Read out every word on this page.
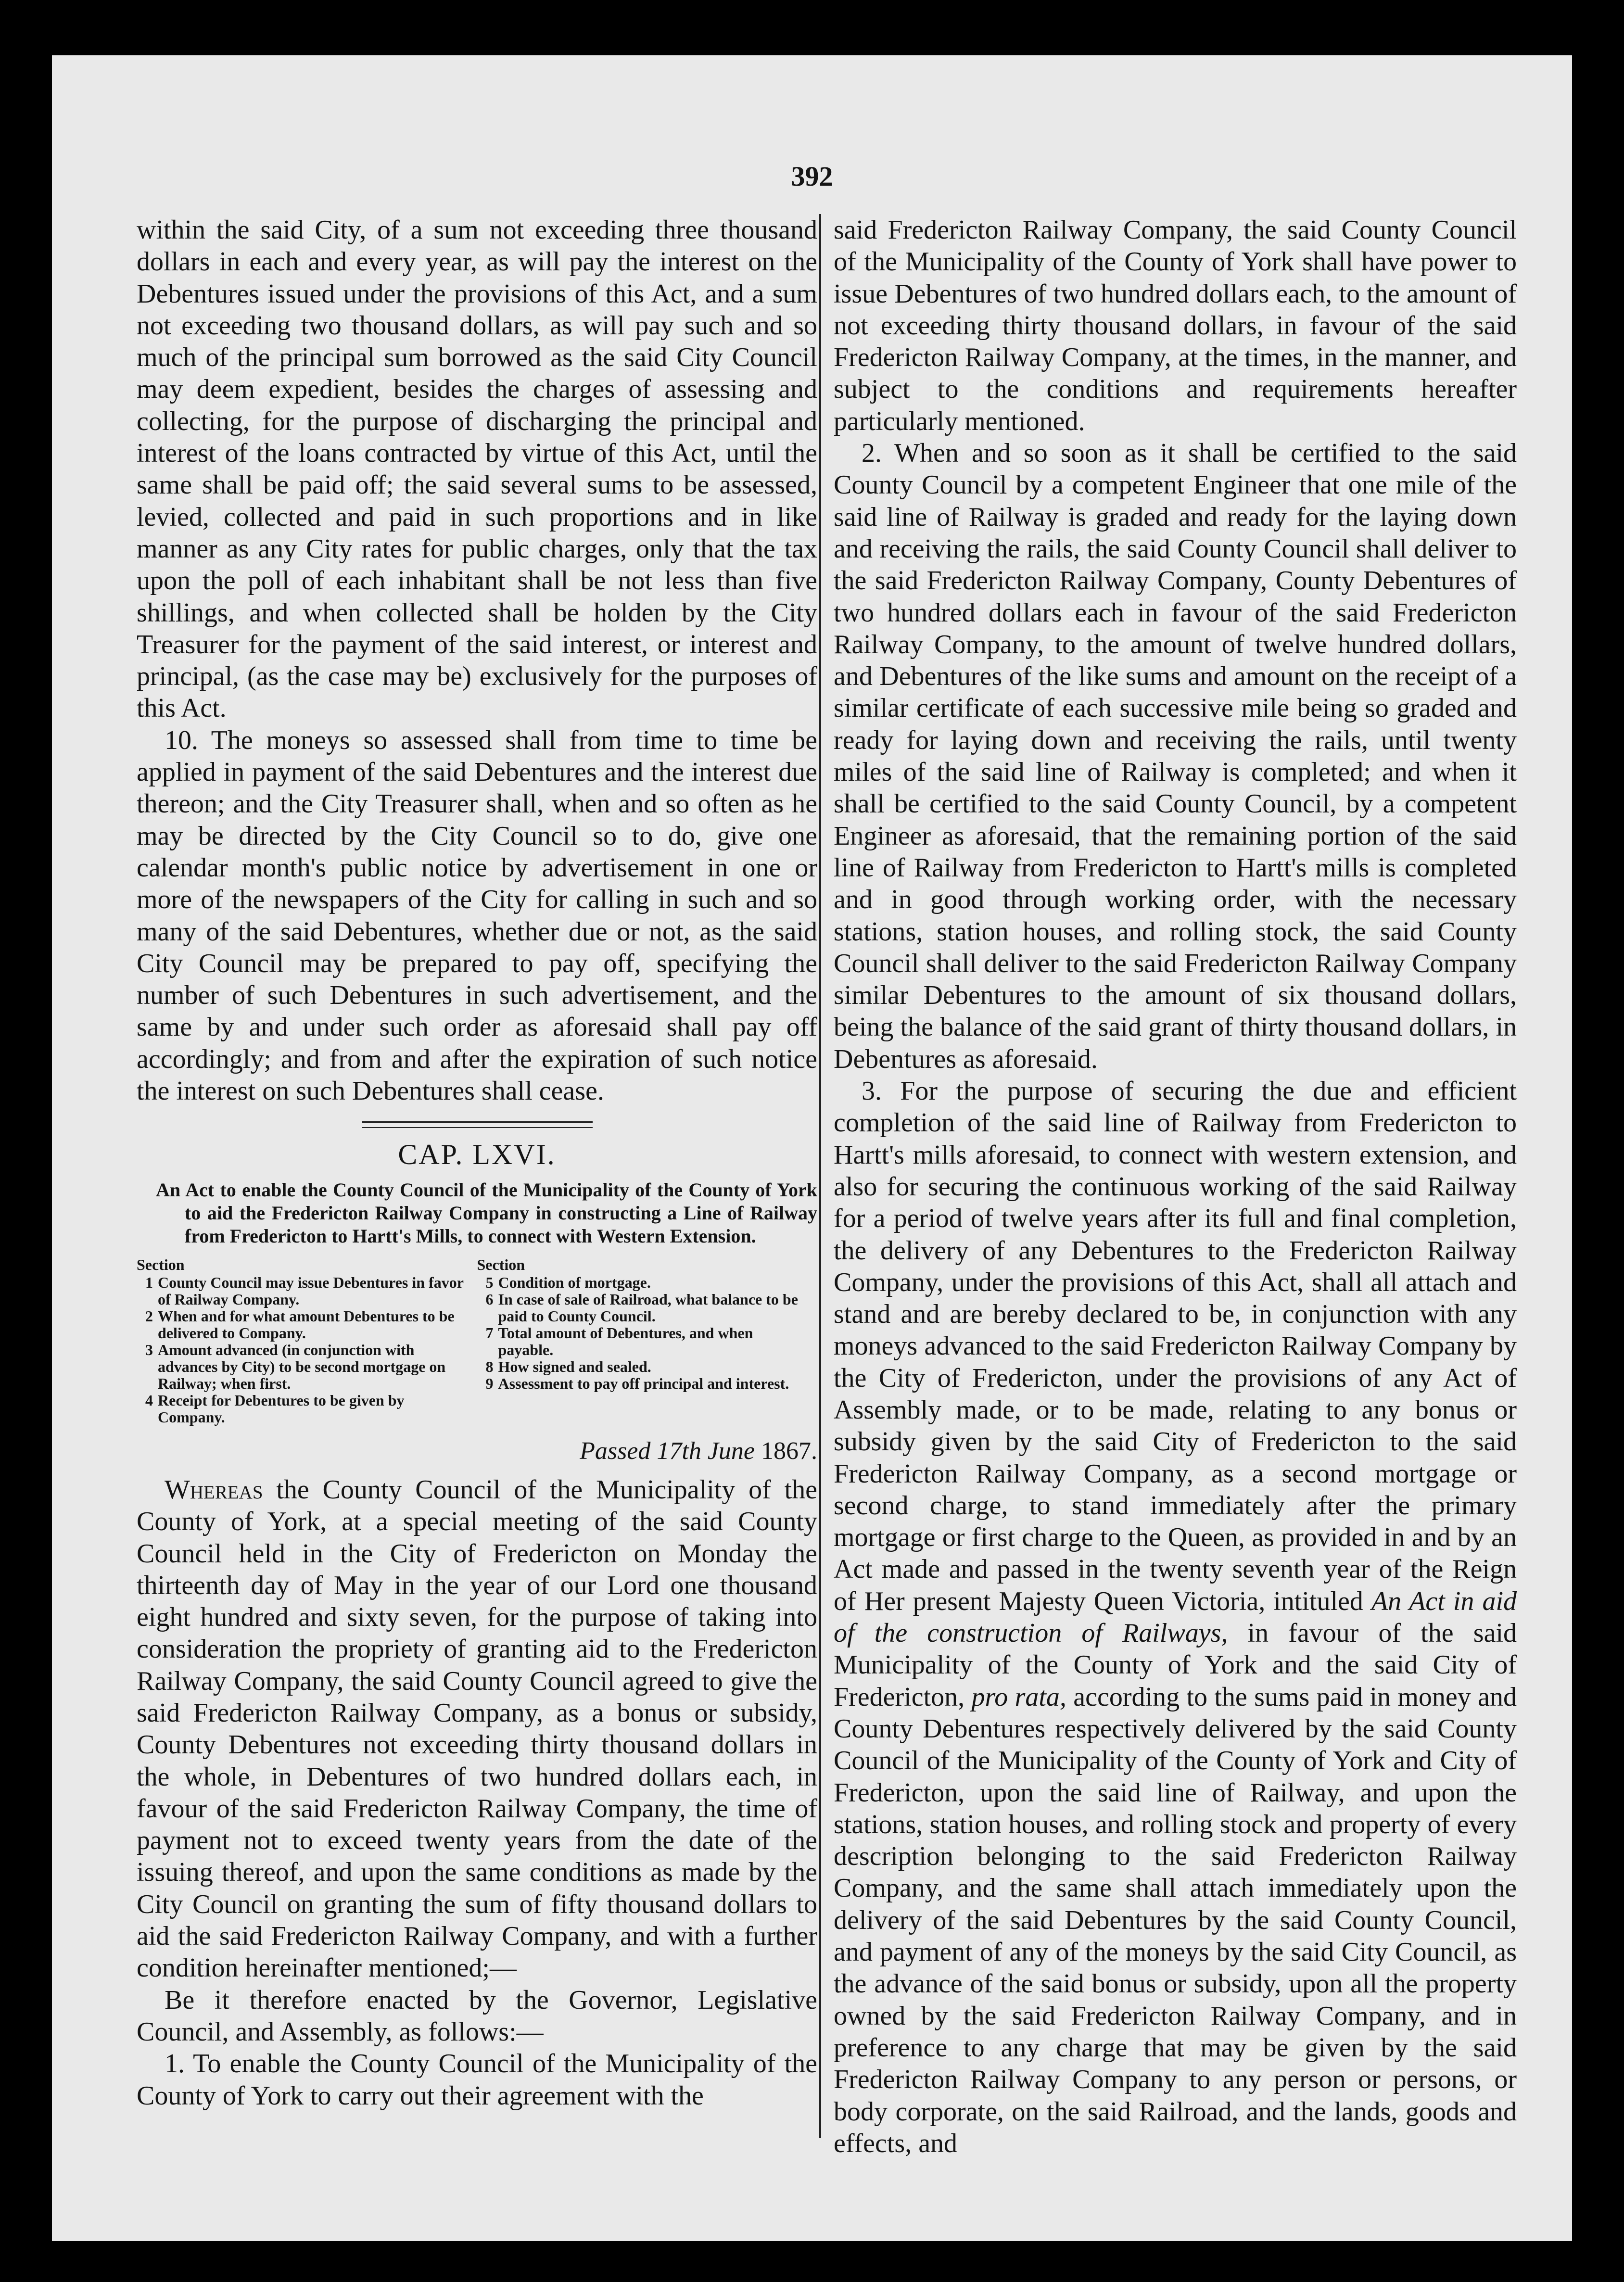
392

within the said City, of a sum not exceeding three thousand dollars in each and every year, as will pay the interest on the Debentures issued under the provisions of this Act, and a sum not exceeding two thousand dollars, as will pay such and so much of the principal sum borrowed as the said City Council may deem expedient, besides the charges of assessing and collecting, for the purpose of discharging the principal and interest of the loans contracted by virtue of this Act, until the same shall be paid off; the said several sums to be assessed, levied, collected and paid in such proportions and in like manner as any City rates for public charges, only that the tax upon the poll of each inhabitant shall be not less than five shillings, and when collected shall be holden by the City Treasurer for the payment of the said interest, or interest and principal, (as the case may be) exclusively for the purposes of this Act.

10. The moneys so assessed shall from time to time be applied in payment of the said Debentures and the interest due thereon; and the City Treasurer shall, when and so often as he may be directed by the City Council so to do, give one calendar month's public notice by advertisement in one or more of the newspapers of the City for calling in such and so many of the said Debentures, whether due or not, as the said City Council may be prepared to pay off, specifying the number of such Debentures in such advertisement, and the same by and under such order as aforesaid shall pay off accordingly; and from and after the expiration of such notice the interest on such Debentures shall cease.

CAP. LXVI.
An Act to enable the County Council of the Municipality of the County of York to aid the Fredericton Railway Company in constructing a Line of Railway from Fredericton to Hartt's Mills, to connect with Western Extension.
Section
1 County Council may issue Debentures in favor of Railway Company.
2 When and for what amount Debentures to be delivered to Company.
3 Amount advanced (in conjunction with advances by City) to be second mortgage on Railway; when first.
4 Receipt for Debentures to be given by Company.
Section
5 Condition of mortgage.
6 In case of sale of Railroad, what balance to be paid to County Council.
7 Total amount of Debentures, and when payable.
8 How signed and sealed.
9 Assessment to pay off principal and interest.
Passed 17th June 1867.

Whereas the County Council of the Municipality of the County of York, at a special meeting of the said County Council held in the City of Fredericton on Monday the thirteenth day of May in the year of our Lord one thousand eight hundred and sixty seven, for the purpose of taking into consideration the propriety of granting aid to the Fredericton Railway Company, the said County Council agreed to give the said Fredericton Railway Company, as a bonus or subsidy, County Debentures not exceeding thirty thousand dollars in the whole, in Debentures of two hundred dollars each, in favour of the said Fredericton Railway Company, the time of payment not to exceed twenty years from the date of the issuing thereof, and upon the same conditions as made by the City Council on granting the sum of fifty thousand dollars to aid the said Fredericton Railway Company, and with a further condition hereinafter mentioned;—

Be it therefore enacted by the Governor, Legislative Council, and Assembly, as follows:—

1. To enable the County Council of the Municipality of the County of York to carry out their agreement with the

said Fredericton Railway Company, the said County Council of the Municipality of the County of York shall have power to issue Debentures of two hundred dollars each, to the amount of not exceeding thirty thousand dollars, in favour of the said Fredericton Railway Company, at the times, in the manner, and subject to the conditions and requirements hereafter particularly mentioned.

2. When and so soon as it shall be certified to the said County Council by a competent Engineer that one mile of the said line of Railway is graded and ready for the laying down and receiving the rails, the said County Council shall deliver to the said Fredericton Railway Company, County Debentures of two hundred dollars each in favour of the said Fredericton Railway Company, to the amount of twelve hundred dollars, and Debentures of the like sums and amount on the receipt of a similar certificate of each successive mile being so graded and ready for laying down and receiving the rails, until twenty miles of the said line of Railway is completed; and when it shall be certified to the said County Council, by a competent Engineer as aforesaid, that the remaining portion of the said line of Railway from Fredericton to Hartt's mills is completed and in good through working order, with the necessary stations, station houses, and rolling stock, the said County Council shall deliver to the said Fredericton Railway Company similar Debentures to the amount of six thousand dollars, being the balance of the said grant of thirty thousand dollars, in Debentures as aforesaid.

3. For the purpose of securing the due and efficient completion of the said line of Railway from Fredericton to Hartt's mills aforesaid, to connect with western extension, and also for securing the continuous working of the said Railway for a period of twelve years after its full and final completion, the delivery of any Debentures to the Fredericton Railway Company, under the provisions of this Act, shall all attach and stand and are bereby declared to be, in conjunction with any moneys advanced to the said Fredericton Railway Company by the City of Fredericton, under the provisions of any Act of Assembly made, or to be made, relating to any bonus or subsidy given by the said City of Fredericton to the said Fredericton Railway Company, as a second mortgage or second charge, to stand immediately after the primary mortgage or first charge to the Queen, as provided in and by an Act made and passed in the twenty seventh year of the Reign of Her present Majesty Queen Victoria, intituled An Act in aid of the construction of Railways, in favour of the said Municipality of the County of York and the said City of Fredericton, pro rata, according to the sums paid in money and County Debentures respectively delivered by the said County Council of the Municipality of the County of York and City of Fredericton, upon the said line of Railway, and upon the stations, station houses, and rolling stock and property of every description belonging to the said Fredericton Railway Company, and the same shall attach immediately upon the delivery of the said Debentures by the said County Council, and payment of any of the moneys by the said City Council, as the advance of the said bonus or subsidy, upon all the property owned by the said Fredericton Railway Company, and in preference to any charge that may be given by the said Fredericton Railway Company to any person or persons, or body corporate, on the said Railroad, and the lands, goods and effects, and
